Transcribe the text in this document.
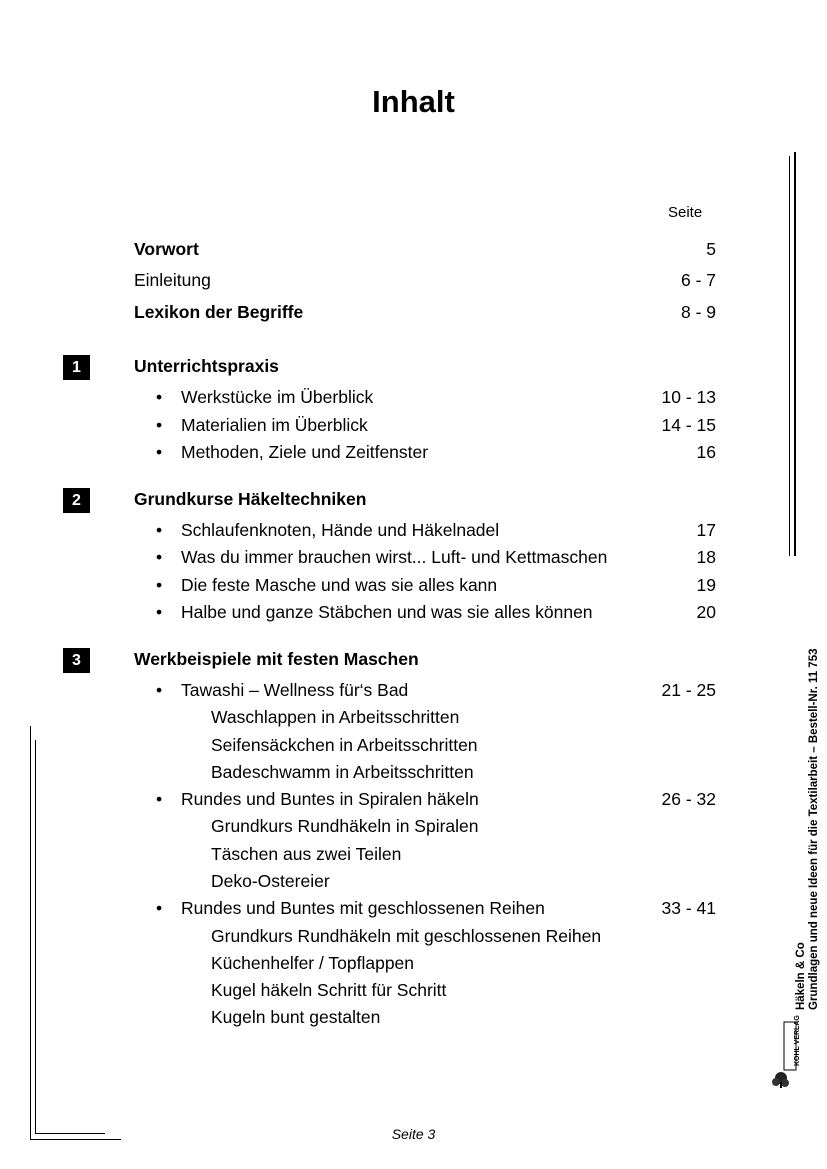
Inhalt
Seite
Vorwort	5
Einleitung	6 - 7
Lexikon der Begriffe	8 - 9
1	Unterrichtspraxis
• Werkstücke im Überblick	10 - 13
• Materialien im Überblick	14 - 15
• Methoden, Ziele und Zeitfenster	16
2	Grundkurse Häkeltechniken
• Schlaufenknoten, Hände und Häkelnadel	17
• Was du immer brauchen wirst... Luft- und Kettmaschen	18
• Die feste Masche und was sie alles kann	19
• Halbe und ganze Stäbchen und was sie alles können	20
3	Werkbeispiele mit festen Maschen
• Tawashi – Wellness für‘s Bad	21 - 25
Waschlappen in Arbeitsschritten
Seifensäckchen in Arbeitsschritten
Badeschwamm in Arbeitsschritten
• Rundes und Buntes in Spiralen häkeln	26 - 32
Grundkurs Rundhäkeln in Spiralen
Täschen aus zwei Teilen
Deko-Ostereier
• Rundes und Buntes mit geschlossenen Reihen	33 - 41
Grundkurs Rundhäkeln mit geschlossenen Reihen
Küchenhelfer / Topflappen
Kugel häkeln Schritt für Schritt
Kugeln bunt gestalten
Häkeln & Co Grundlagen und neue Ideen für die Textilarbeit – Bestell-Nr. 11 753
KOHL VERLAG
Seite 3
